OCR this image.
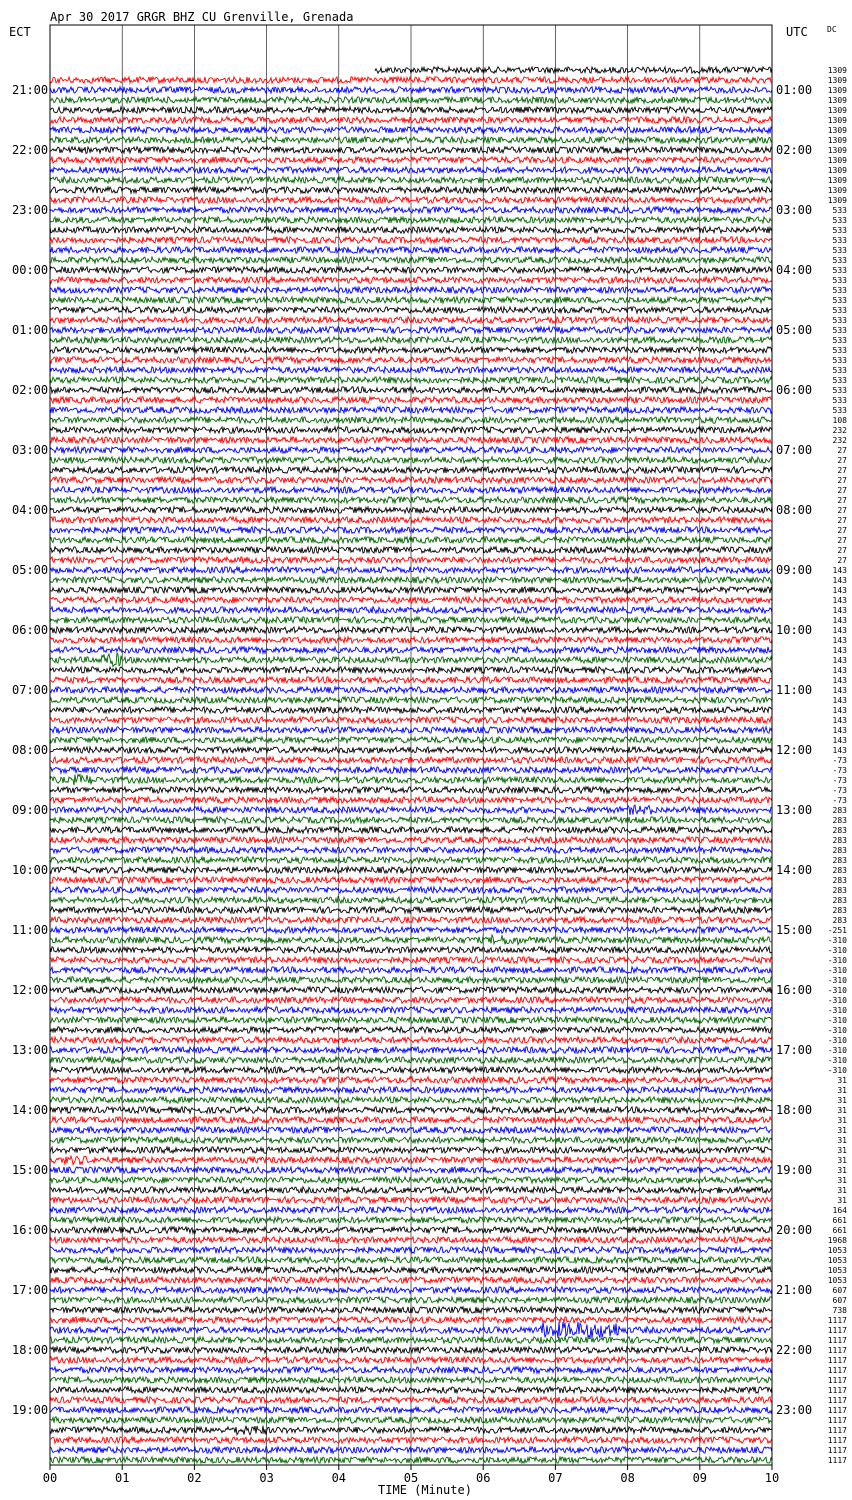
Apr 30 2017 GRGR BHZ CU Grenville, Grenada
ECT	UTC DC
21:00
22:00
23:00
00:00
01:00
02:00
03:00
04:00
05:00
06:00
07:00
08:00
09:00
10:00
11:00
12:00
13:00
14:00
15:00
16:00
17:00
18:00
19:00
01:00
02:00
03:00
04:00
05:00
06:00
07:00
08:00
09:00
10:00
11:00
12:00
13:00
14:00
15:00
16:00
17:00
18:00
19:00
20:00
21:00
22:00
23:00
1309
1309
1309
1309
1309
1309
1309
1309
1309
1309
1309
1309
1309
1309
533
533
533
533
533
533
533
533
533
533
533
533
533
533
533
533
533
533
533
533
533
108
232
232
27
27
27
27
27
27
27
27
27
27
27
27
143
143
143
143
143
143
143
143
143
143
143
143
143
143
143
143
143
143
143
-73
-73
-73
-73
-73
283
283
283
283
283
283
283
283
283
283
283
283
-251
-310
-310
-310
-310
-310
-310
-310
-310
-310
-310
-310
-310
-310
-310
31
31
31
31
31
31
31
31
31
31
31
31
31
164
661
661
1968
1053
1053
1053
1053
607
607
738
1117
1117
1117
1117
1117
1117
1117
1117
1117
1117
1117
1117
1117
1117
1117
00	01	02	03	04	05	06	07	08	09	10
TIME (Minute)
